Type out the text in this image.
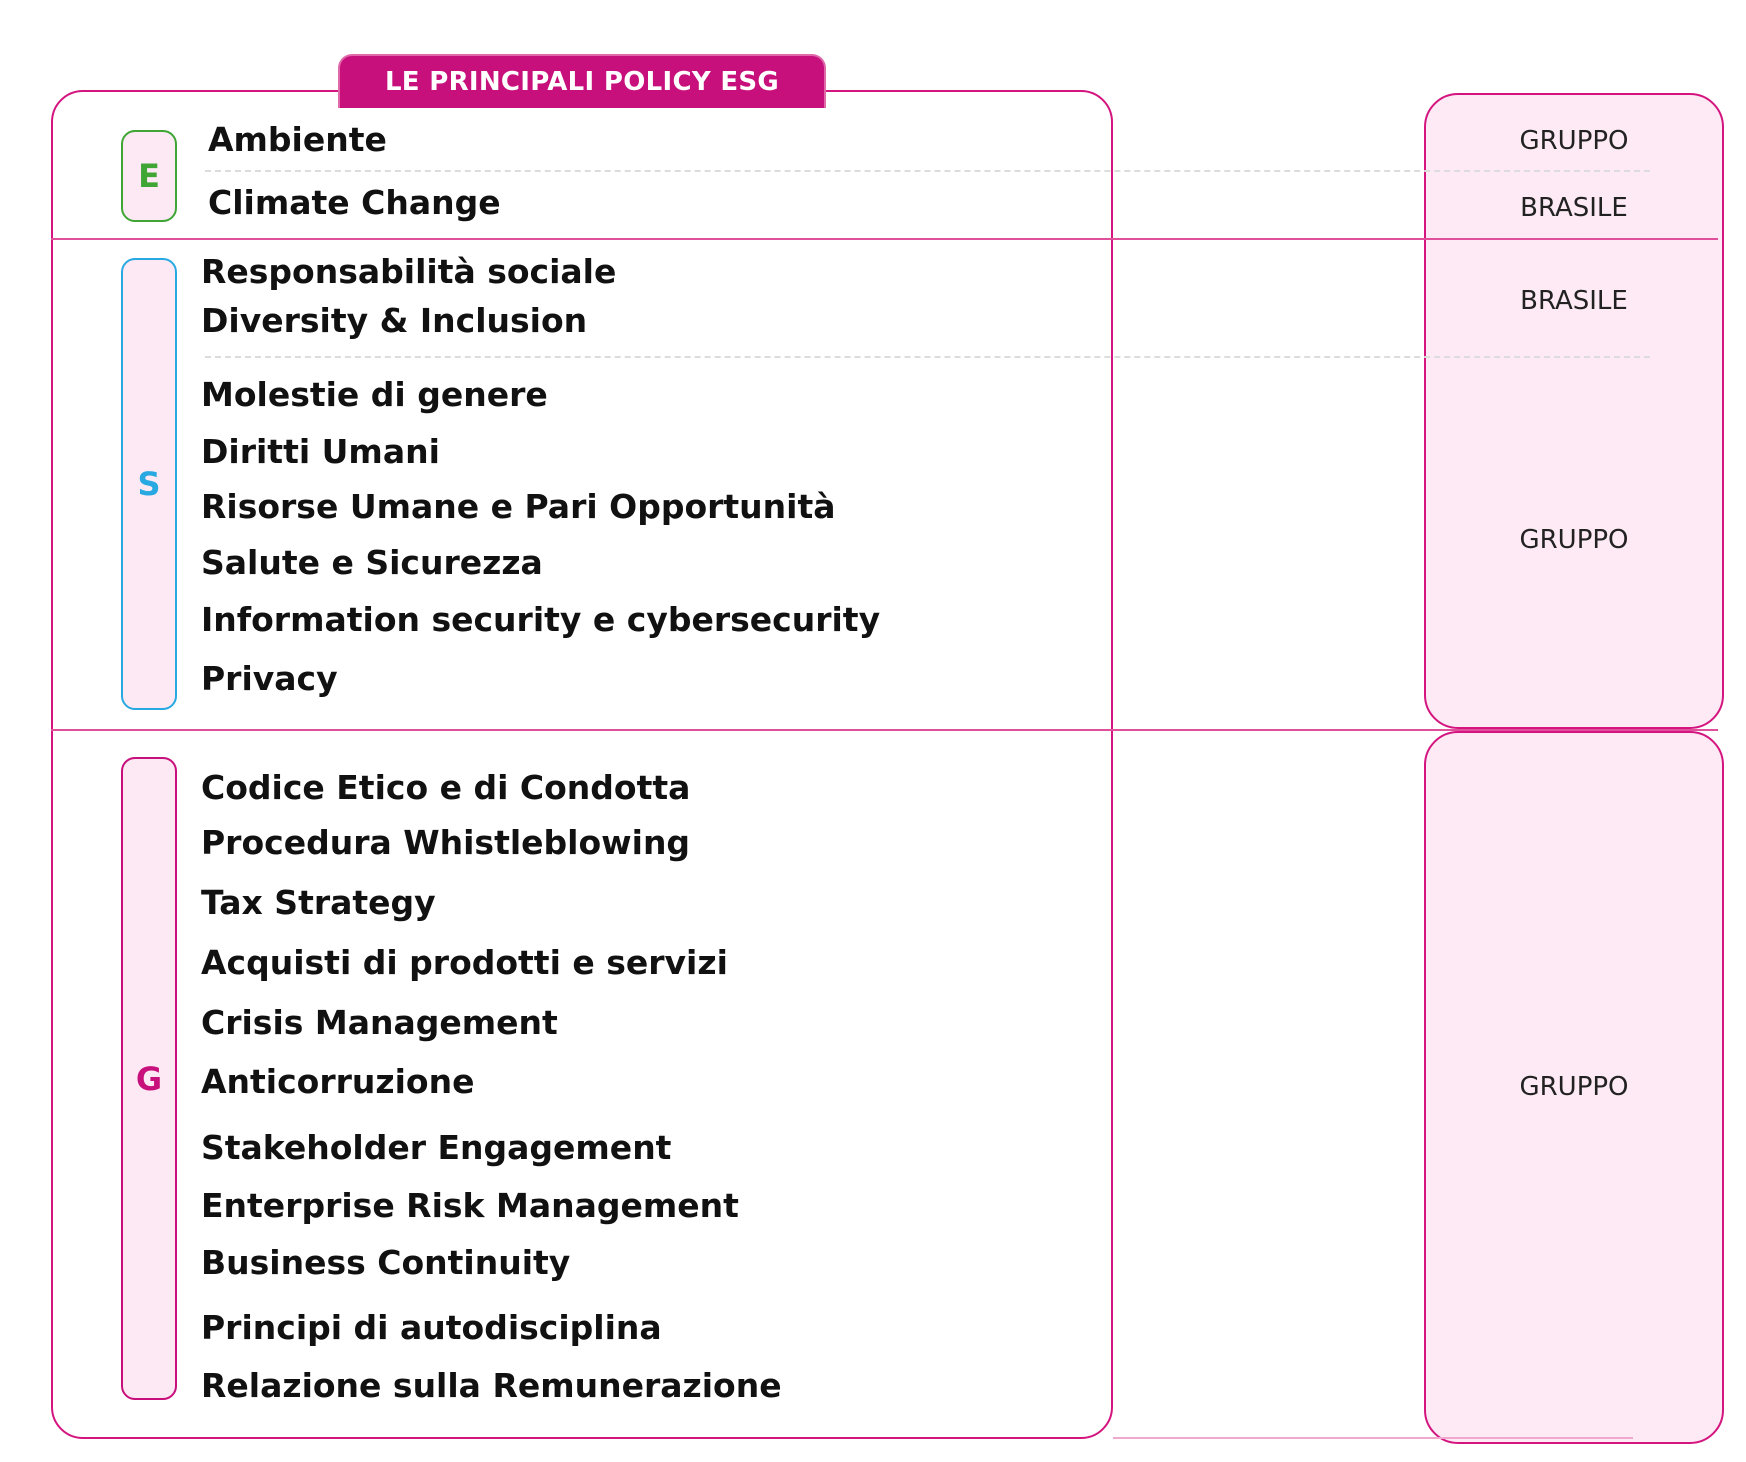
LE PRINCIPALI POLICY ESG
E
S
G
Ambiente
Climate Change
Responsabilità sociale
Diversity & Inclusion
Molestie di genere
Diritti Umani
Risorse Umane e Pari Opportunità
Salute e Sicurezza
Information security e cybersecurity
Privacy
Codice Etico e di Condotta
Procedura Whistleblowing
Tax Strategy
Acquisti di prodotti e servizi
Crisis Management
Anticorruzione
Stakeholder Engagement
Enterprise Risk Management
Business Continuity
Principi di autodisciplina
Relazione sulla Remunerazione
GRUPPO
BRASILE
BRASILE
GRUPPO
GRUPPO
